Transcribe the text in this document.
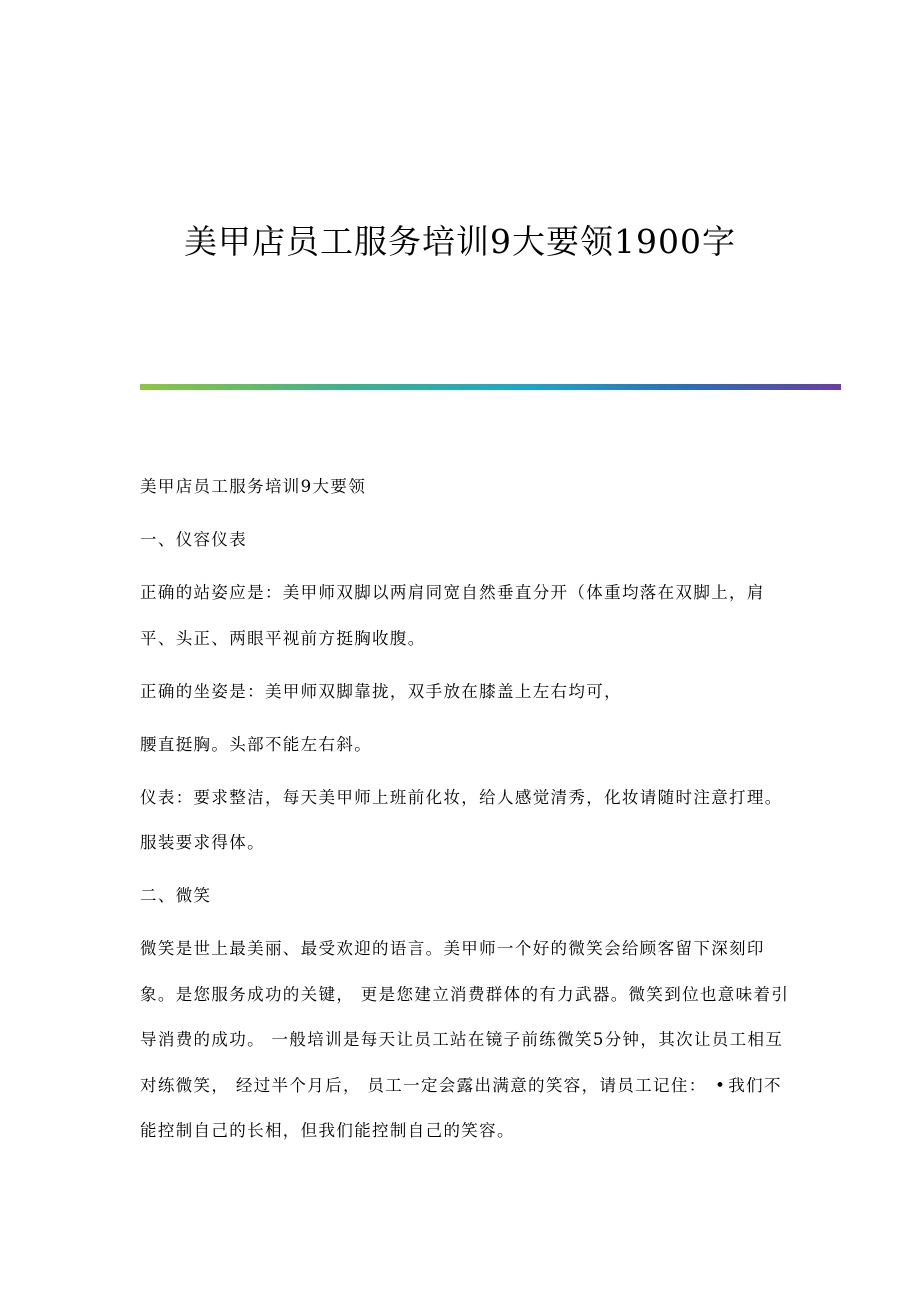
美甲店员工服务培训9大要领1900字

美甲店员工服务培训9大要领

一、仪容仪表

正确的站姿应是：美甲师双脚以两肩同宽自然垂直分开（体重均落在双脚上，肩平、头正、两眼平视前方挺胸收腹。

正确的坐姿是：美甲师双脚靠拢，双手放在膝盖上左右均可，

腰直挺胸。头部不能左右斜。

仪表：要求整洁，每天美甲师上班前化妆，给人感觉清秀，化妆请随时注意打理。服装要求得体。

二、微笑

微笑是世上最美丽、最受欢迎的语言。美甲师一个好的微笑会给顾客留下深刻印象。是您服务成功的关键， 更是您建立消费群体的有力武器。微笑到位也意味着引导消费的成功。 一般培训是每天让员工站在镜子前练微笑5分钟，其次让员工相互对练微笑， 经过半个月后， 员工一定会露出满意的笑容，请员工记住： • 我们不能控制自己的长相，但我们能控制自己的笑容。
